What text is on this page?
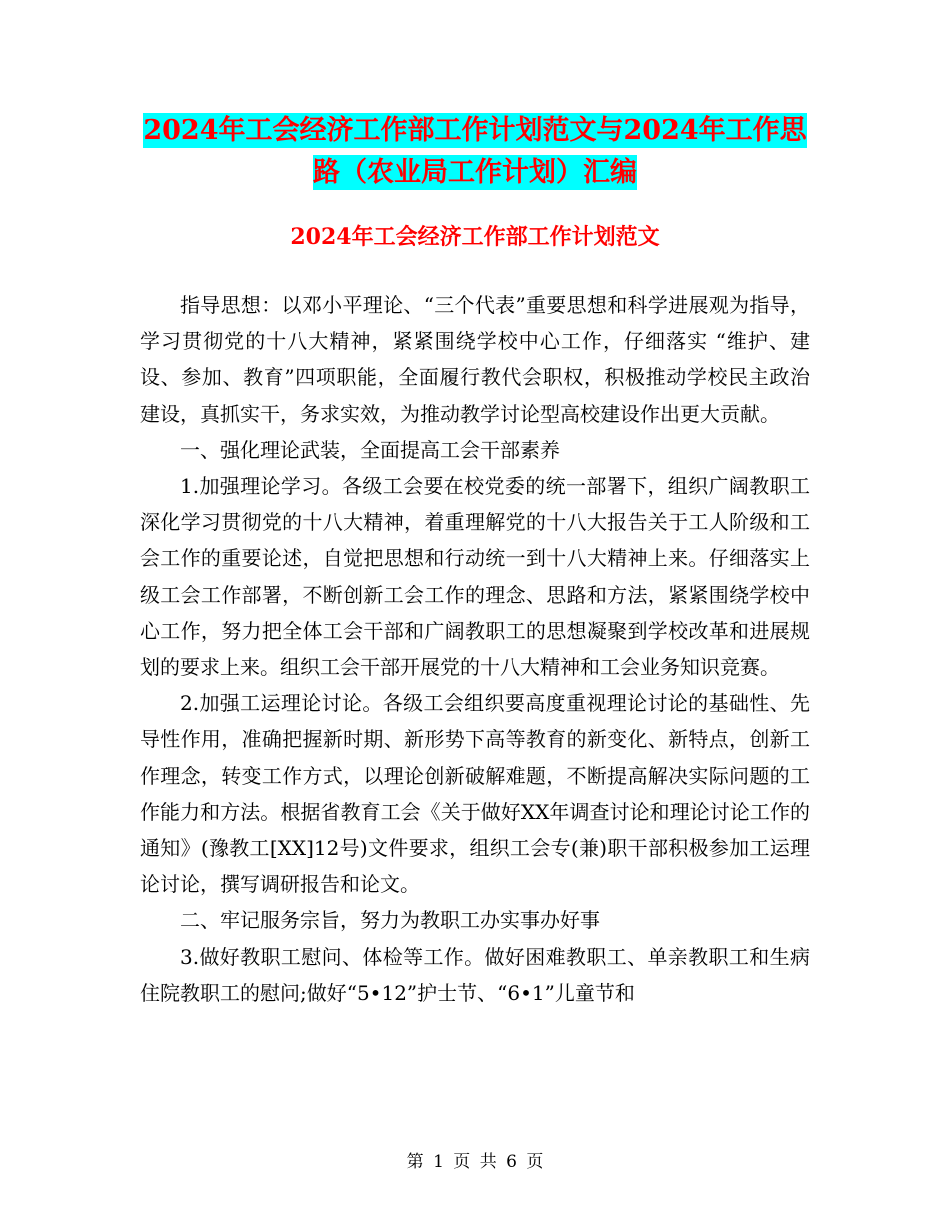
2024年工会经济工作部工作计划范文与2024年工作思路（农业局工作计划）汇编
2024年工会经济工作部工作计划范文

指导思想：以邓小平理论、“三个代表”重要思想和科学进展观为指导，学习贯彻党的十八大精神，紧紧围绕学校中心工作，仔细落实 “维护、建设、参加、教育”四项职能，全面履行教代会职权，积极推动学校民主政治建设，真抓实干，务求实效，为推动教学讨论型高校建设作出更大贡献。

一、强化理论武装，全面提高工会干部素养

1.加强理论学习。各级工会要在校党委的统一部署下，组织广阔教职工深化学习贯彻党的十八大精神，着重理解党的十八大报告关于工人阶级和工会工作的重要论述，自觉把思想和行动统一到十八大精神上来。仔细落实上级工会工作部署，不断创新工会工作的理念、思路和方法，紧紧围绕学校中心工作，努力把全体工会干部和广阔教职工的思想凝聚到学校改革和进展规划的要求上来。组织工会干部开展党的十八大精神和工会业务知识竞赛。

2.加强工运理论讨论。各级工会组织要高度重视理论讨论的基础性、先导性作用，准确把握新时期、新形势下高等教育的新变化、新特点，创新工作理念，转变工作方式，以理论创新破解难题，不断提高解决实际问题的工作能力和方法。根据省教育工会《关于做好XX年调查讨论和理论讨论工作的通知》(豫教工[XX]12号)文件要求，组织工会专(兼)职干部积极参加工运理论讨论，撰写调研报告和论文。

二、牢记服务宗旨，努力为教职工办实事办好事

3.做好教职工慰问、体检等工作。做好困难教职工、单亲教职工和生病住院教职工的慰问;做好“5•12”护士节、“6•1”儿童节和

第 1 页 共 6 页
